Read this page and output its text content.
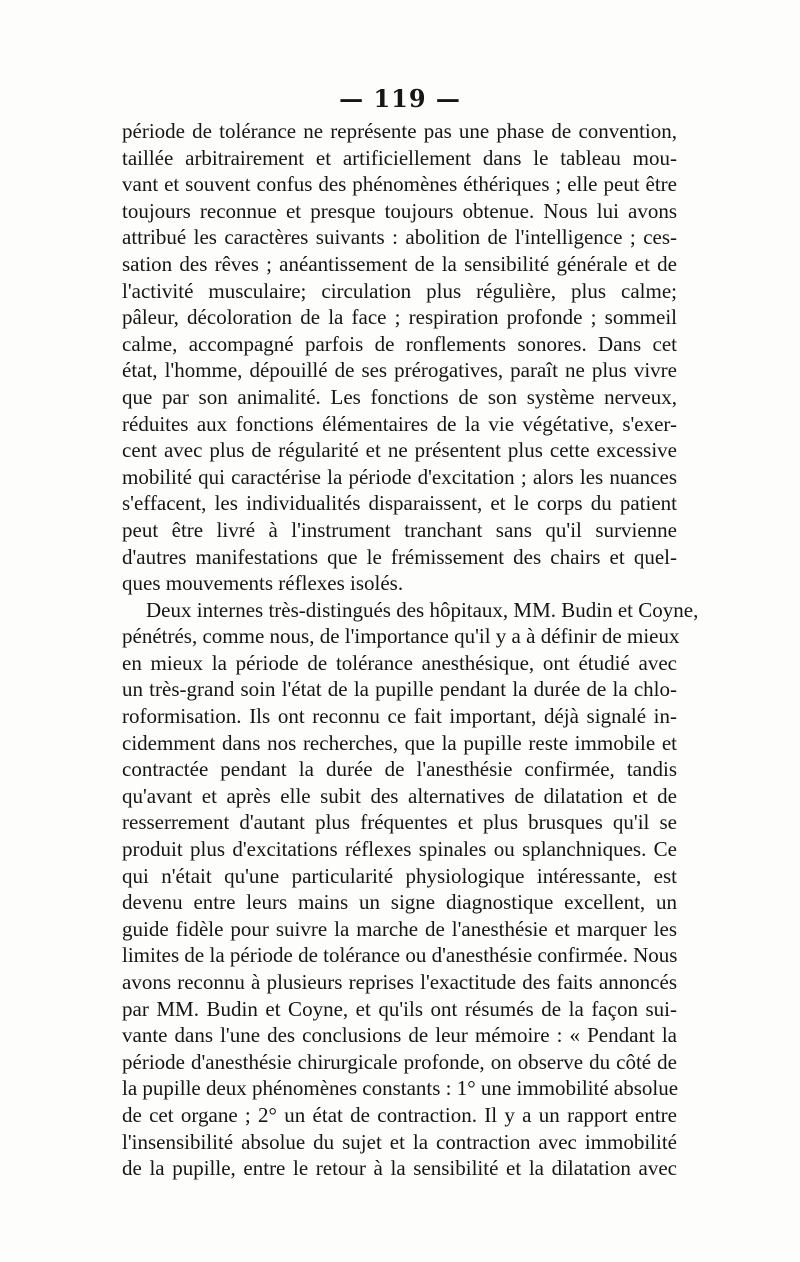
— 119 —
période de tolérance ne représente pas une phase de convention,
taillée arbitrairement et artificiellement dans le tableau mou-
vant et souvent confus des phénomènes éthériques ; elle peut être
toujours reconnue et presque toujours obtenue. Nous lui avons
attribué les caractères suivants : abolition de l'intelligence ; ces-
sation des rêves ; anéantissement de la sensibilité générale et de
l'activité musculaire; circulation plus régulière, plus calme;
pâleur, décoloration de la face ; respiration profonde ; sommeil
calme, accompagné parfois de ronflements sonores. Dans cet
état, l'homme, dépouillé de ses prérogatives, paraît ne plus vivre
que par son animalité. Les fonctions de son système nerveux,
réduites aux fonctions élémentaires de la vie végétative, s'exer-
cent avec plus de régularité et ne présentent plus cette excessive
mobilité qui caractérise la période d'excitation ; alors les nuances
s'effacent, les individualités disparaissent, et le corps du patient
peut être livré à l'instrument tranchant sans qu'il survienne
d'autres manifestations que le frémissement des chairs et quel-
ques mouvements réflexes isolés.
Deux internes très-distingués des hôpitaux, MM. Budin et Coyne,
pénétrés, comme nous, de l'importance qu'il y a à définir de mieux
en mieux la période de tolérance anesthésique, ont étudié avec
un très-grand soin l'état de la pupille pendant la durée de la chlo-
roformisation. Ils ont reconnu ce fait important, déjà signalé in-
cidemment dans nos recherches, que la pupille reste immobile et
contractée pendant la durée de l'anesthésie confirmée, tandis
qu'avant et après elle subit des alternatives de dilatation et de
resserrement d'autant plus fréquentes et plus brusques qu'il se
produit plus d'excitations réflexes spinales ou splanchniques. Ce
qui n'était qu'une particularité physiologique intéressante, est
devenu entre leurs mains un signe diagnostique excellent, un
guide fidèle pour suivre la marche de l'anesthésie et marquer les
limites de la période de tolérance ou d'anesthésie confirmée. Nous
avons reconnu à plusieurs reprises l'exactitude des faits annoncés
par MM. Budin et Coyne, et qu'ils ont résumés de la façon sui-
vante dans l'une des conclusions de leur mémoire : « Pendant la
période d'anesthésie chirurgicale profonde, on observe du côté de
la pupille deux phénomènes constants : 1° une immobilité absolue
de cet organe ; 2° un état de contraction. Il y a un rapport entre
l'insensibilité absolue du sujet et la contraction avec immobilité
de la pupille, entre le retour à la sensibilité et la dilatation avec
